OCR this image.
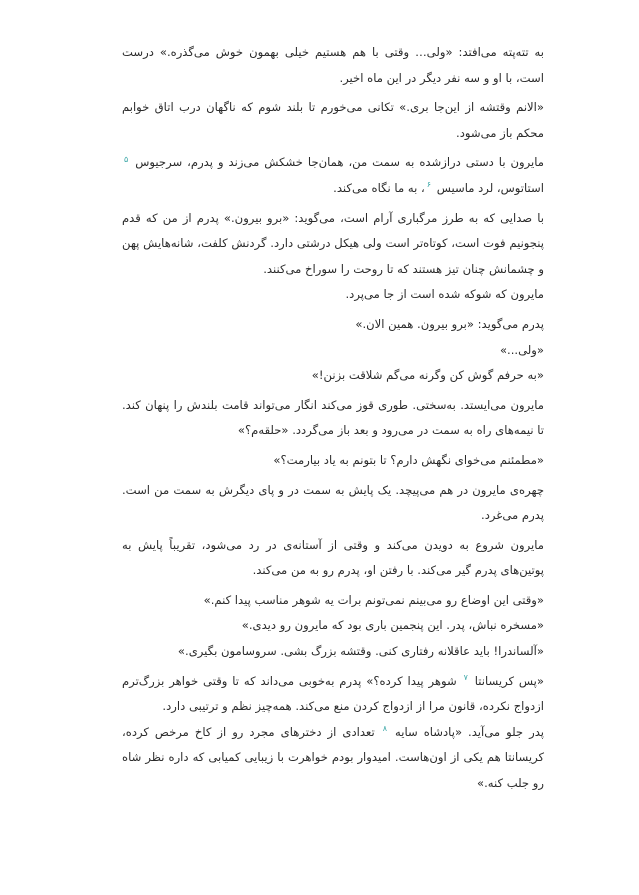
به تته‌پته می‌افتد: «ولی… وقتی با هم هستیم خیلی بهمون خوش می‌گذره.» درست است، با او و سه نفر دیگر در این ماه اخیر.

«الانم وقتشه از این‌جا بری.» تکانی می‌خورم تا بلند شوم که ناگهان درب اتاق خوابم محکم باز می‌شود.

مایرون با دستی درازشده به سمت من، همان‌جا خشکش می‌زند و پدرم، سرجیوس $^۵$ استاتوس، لرد ماسیس $^۶$، به ما نگاه می‌کند.

با صدایی که به طرز مرگباری آرام است، می‌گوید: «برو بیرون.» پدرم از من که قدم پنجونیم فوت است، کوتاه‌تر است ولی هیکل درشتی دارد. گردنش کلفت، شانه‌هایش پهن و چشمانش چنان تیز هستند که تا روحت را سوراخ می‌کنند.

مایرون که شوکه شده است از جا می‌پرد.

پدرم می‌گوید: «برو بیرون. همین الان.»

«ولی...»

«به حرفم گوش کن وگرنه می‌گم شلاقت بزنن!»

مایرون می‌ایستد. به‌سختی. طوری قوز می‌کند انگار می‌تواند قامت بلندش را پنهان کند. تا نیمه‌های راه به سمت در می‌رود و بعد باز می‌گردد. «حلقه‌م؟»

«مطمئنم می‌خوای نگهش دارم؟ تا بتونم به یاد بیارمت؟»

چهره‌ی مایرون در هم می‌پیچد. یک پایش به سمت در و پای دیگرش به سمت من است. پدرم می‌غرد.

مایرون شروع به دویدن می‌کند و وقتی از آستانه‌ی در رد می‌شود، تقریباً پایش به پوتین‌های پدرم گیر می‌کند. با رفتن او، پدرم رو به من می‌کند.

«وقتی این اوضاع رو می‌بینم نمی‌تونم برات یه شوهر مناسب پیدا کنم.»

«مسخره نباش، پدر. این پنجمین باری بود که مایرون رو دیدی.»

«آلساندرا! باید عاقلانه رفتاری کنی. وقتشه بزرگ بشی. سروسامون بگیری.»

«پس کریسانتا $^۷$ شوهر پیدا کرده؟» پدرم به‌خوبی می‌داند که تا وقتی خواهر بزرگ‌ترم ازدواج نکرده، قانون مرا از ازدواج کردن منع می‌کند. همه‌چیز نظم و ترتیبی دارد.

پدر جلو می‌آید. «پادشاه سایه $^۸$ تعدادی از دخترهای مجرد رو از کاخ مرخص کرده، کریسانتا هم یکی از اون‌هاست. امیدوار بودم خواهرت با زیبایی کمیابی که داره نظر شاه رو جلب کنه.»
